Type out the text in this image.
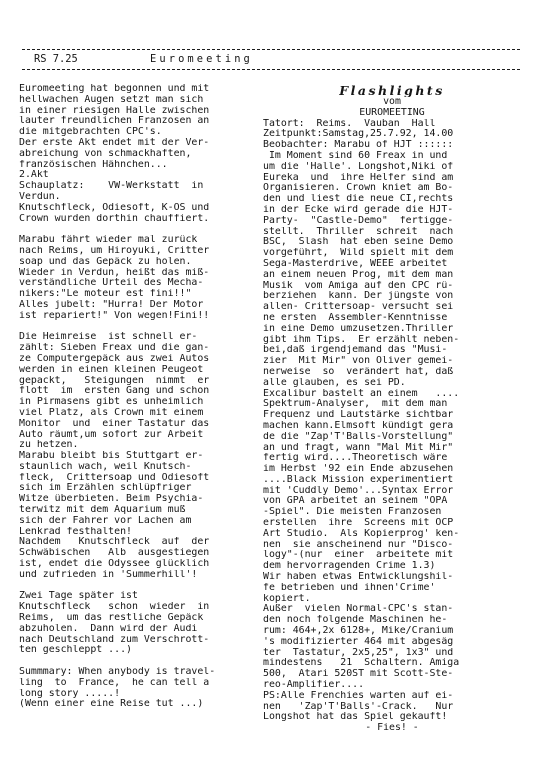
RS 7.25	Euromeeting

Euromeeting hat begonnen und mit

hellwachen Augen setzt man sich

in einer riesigen Halle zwischen

lauter freundlichen Franzosen an

die mitgebrachten CPC's.

Der erste Akt endet mit der Ver-

abreichung von schmackhaften,

französischen Hähnchen...

2.Akt

Schauplatz:    VW-Werkstatt  in

Verdun.

Knutschfleck, Odiesoft, K-OS und

Crown wurden dorthin chauffiert.

Marabu fährt wieder mal zurück

nach Reims, um Hiroyuki, Critter

soap und das Gepäck zu holen.

Wieder in Verdun, heißt das miß-

verständliche Urteil des Mecha-

nikers:"Le moteur est fini!!"

Alles jubelt: "Hurra! Der Motor

ist repariert!" Von wegen!Fini!!

Die Heimreise  ist schnell er-

zählt: Sieben Freax und die gan-

ze Computergepäck aus zwei Autos

werden in einen kleinen Peugeot

gepackt,   Steigungen  nimmt  er

flott  im  ersten Gang und schon

in Pirmasens gibt es unheimlich

viel Platz, als Crown mit einem

Monitor  und  einer Tastatur das

Auto räumt,um sofort zur Arbeit

zu hetzen.

Marabu bleibt bis Stuttgart er-

staunlich wach, weil Knutsch-

fleck,  Crittersoap und Odiesoft

sich im Erzählen schlüpfriger

Witze überbieten. Beim Psychia-

terwitz mit dem Aquarium muß

sich der Fahrer vor Lachen am

Lenkrad festhalten!

Nachdem   Knutschfleck  auf  der

Schwäbischen   Alb  ausgestiegen

ist, endet die Odyssee glücklich

und zufrieden in 'Summerhill'!

Zwei Tage später ist

Knutschfleck   schon  wieder  in

Reims,  um das restliche Gepäck

abzuholen.  Dann wird der Audi

nach Deutschland zum Verschrott-

ten geschleppt ...)

Summmary: When anybody is travel-

ling  to  France,  he can tell a

long story .....!

(Wenn einer eine Reise tut ...)

Flashlights

vom

EUROMEETING

Tatort:  Reims.  Vauban  Hall

Zeitpunkt:Samstag,25.7.92, 14.00

Beobachter: Marabu of HJT ::::::

Im Moment sind 60 Freax in und

um die 'Halle'. Longshot,Niki of

Eureka  und  ihre Helfer sind am

Organisieren. Crown kniet am Bo-

den und liest die neue CI,rechts

in der Ecke wird gerade die HJT-

Party-  "Castle-Demo"  fertigge-

stellt.  Thriller  schreit  nach

BSC,  Slash  hat eben seine Demo

vorgeführt,  Wild spielt mit dem

Sega-Masterdrive, WEEE arbeitet

an einem neuen Prog, mit dem man

Musik  vom Amiga auf den CPC rü-

berziehen  kann. Der jüngste von

allen- Crittersoap- versucht sei

ne ersten  Assembler-Kenntnisse

in eine Demo umzusetzen.Thriller

gibt ihm Tips.  Er erzählt neben-

bei,daß irgendjemand das "Musi-

zier  Mit Mir" von Oliver gemei-

nerweise  so  verändert hat, daß

alle glauben, es sei PD.

Excalibur bastelt an einem   ....

Spektrum-Analyser,  mit dem man

Frequenz und Lautstärke sichtbar

machen kann.Elmsoft kündigt gera

de die "Zap'T'Balls-Vorstellung"

an und fragt, wann "Mal Mit Mir"

fertig wird....Theoretisch wäre

im Herbst '92 ein Ende abzusehen

....Black Mission experimentiert

mit 'Cuddly Demo'...Syntax Error

von GPA arbeitet an seinem "OPA

-Spiel". Die meisten Franzosen

erstellen  ihre  Screens mit OCP

Art Studio.  Als Kopierprog' ken-

nen  sie anscheinend nur "Disco-

logy"-(nur  einer  arbeitete mit

dem hervorragenden Crime 1.3)

Wir haben etwas Entwicklungshil-

fe betrieben und ihnen'Crime'

kopiert.

Außer  vielen Normal-CPC's stan-

den noch folgende Maschinen he-

rum: 464+,2x 6128+, Mike/Cranium

's modifizierter 464 mit abgesäg

ter  Tastatur, 2x5,25", 1x3" und

mindestens   21  Schaltern. Amiga

500,  Atari 520ST mit Scott-Ste-

reo-Amplifier....

PS:Alle Frenchies warten auf ei-

nen   'Zap'T'Balls'-Crack.   Nur

Longshot hat das Spiel gekauft!

- Fies! -
